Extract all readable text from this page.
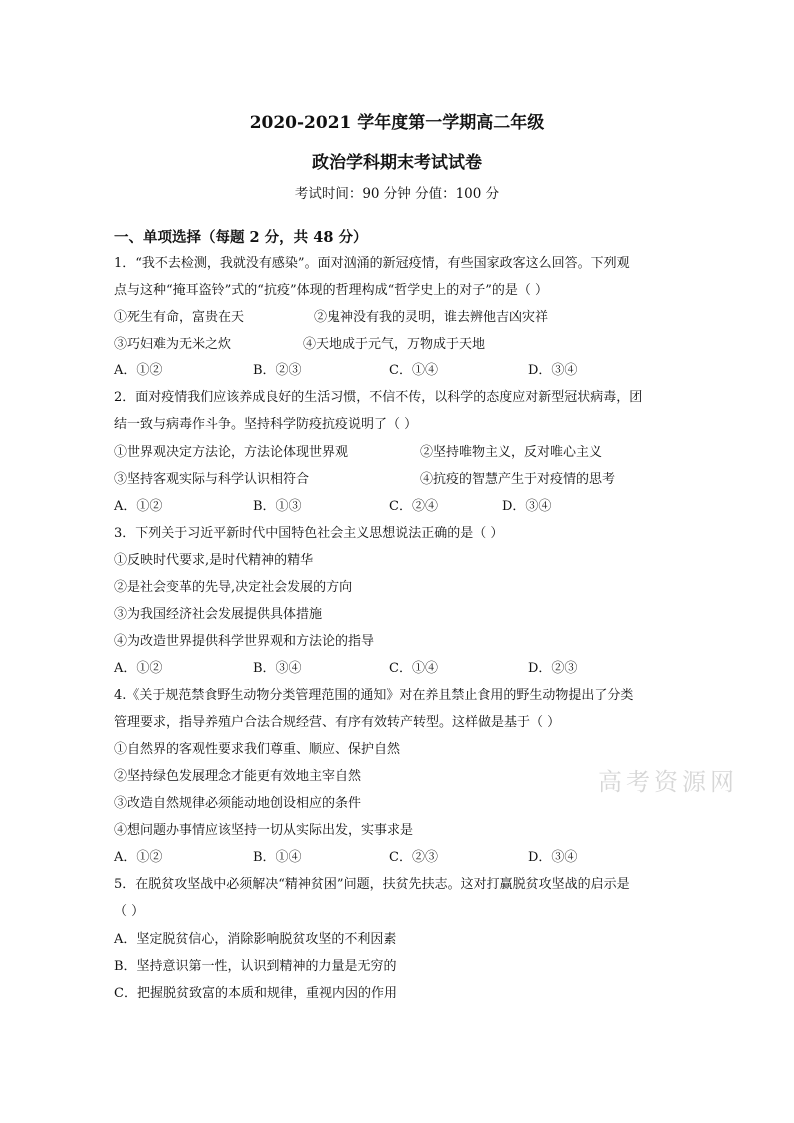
2020-2021 学年度第一学期高二年级
政治学科期末考试试卷
考试时间：90 分钟 分值：100 分
一、单项选择（每题 2 分，共 48 分）
1．“我不去检测，我就没有感染”。面对汹涌的新冠疫情，有些国家政客这么回答。下列观
点与这种“掩耳盗铃”式的“抗疫”体现的哲理构成“哲学史上的对子”的是（ ）
①死生有命，富贵在天	②鬼神没有我的灵明，谁去辨他吉凶灾祥
③巧妇难为无米之炊	④天地成于元气，万物成于天地
A．①②	B．②③	C．①④	D．③④
2．面对疫情我们应该养成良好的生活习惯，不信不传，以科学的态度应对新型冠状病毒，团
结一致与病毒作斗争。坚持科学防疫抗疫说明了（ ）
①世界观决定方法论，方法论体现世界观	②坚持唯物主义，反对唯心主义
③坚持客观实际与科学认识相符合	④抗疫的智慧产生于对疫情的思考
A．①②	B．①③	C．②④	D．③④
3．下列关于习近平新时代中国特色社会主义思想说法正确的是（ ）
①反映时代要求,是时代精神的精华
②是社会变革的先导,决定社会发展的方向
③为我国经济社会发展提供具体措施
④为改造世界提供科学世界观和方法论的指导
A．①②	B．③④	C．①④	D．②③
4.《关于规范禁食野生动物分类管理范围的通知》对在养且禁止食用的野生动物提出了分类
管理要求，指导养殖户合法合规经营、有序有效转产转型。这样做是基于（ ）
①自然界的客观性要求我们尊重、顺应、保护自然
②坚持绿色发展理念才能更有效地主宰自然
③改造自然规律必须能动地创设相应的条件
④想问题办事情应该坚持一切从实际出发，实事求是
A．①②	B．①④	C．②③	D．③④
5．在脱贫攻坚战中必须解决“精神贫困”问题，扶贫先扶志。这对打赢脱贫攻坚战的启示是
（ ）
A．坚定脱贫信心，消除影响脱贫攻坚的不利因素
B．坚持意识第一性，认识到精神的力量是无穷的
C．把握脱贫致富的本质和规律，重视内因的作用
高考资源网
